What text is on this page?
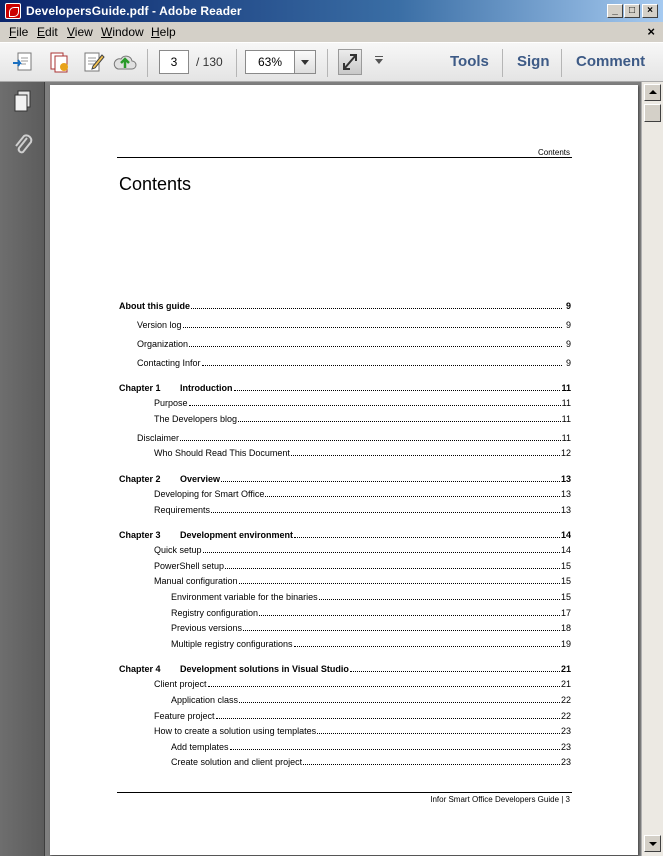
DevelopersGuide.pdf - Adobe Reader	_	□	×
File Edit View Window Help	×
3	/ 130	63%	Tools Sign Comment
Contents
Contents
About this guide	9
Version log	9
Organization	9
Contacting Infor	9
Chapter 1	Introduction	11
Purpose	11
The Developers blog	11
Disclaimer	11
Who Should Read This Document	12
Chapter 2	Overview	13
Developing for Smart Office	13
Requirements	13
Chapter 3	Development environment	14
Quick setup	14
PowerShell setup	15
Manual configuration	15
Environment variable for the binaries	15
Registry configuration	17
Previous versions	18
Multiple registry configurations	19
Chapter 4	Development solutions in Visual Studio	21
Client project	21
Application class	22
Feature project	22
How to create a solution using templates	23
Add templates	23
Create solution and client project	23
Infor Smart Office Developers Guide | 3
